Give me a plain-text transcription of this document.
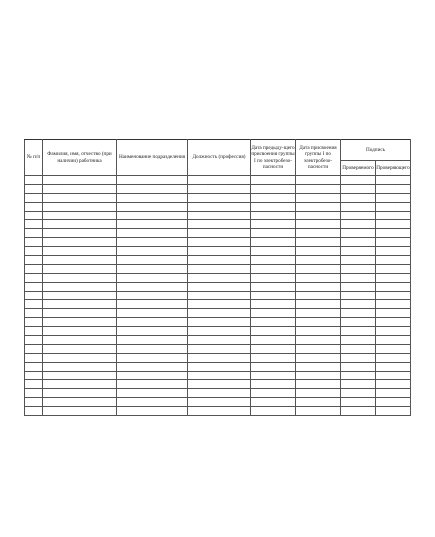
№ п/п	Фамилия, имя, отчество (при наличии) работника	Наименование подразделения	Должность (профессия)	Дата предыду-щего присвоения группы I по электробезо-пасности	Дата присвоения группы I по электробезо-пасности	Подпись	
						Проверяемого	Проверяющего
